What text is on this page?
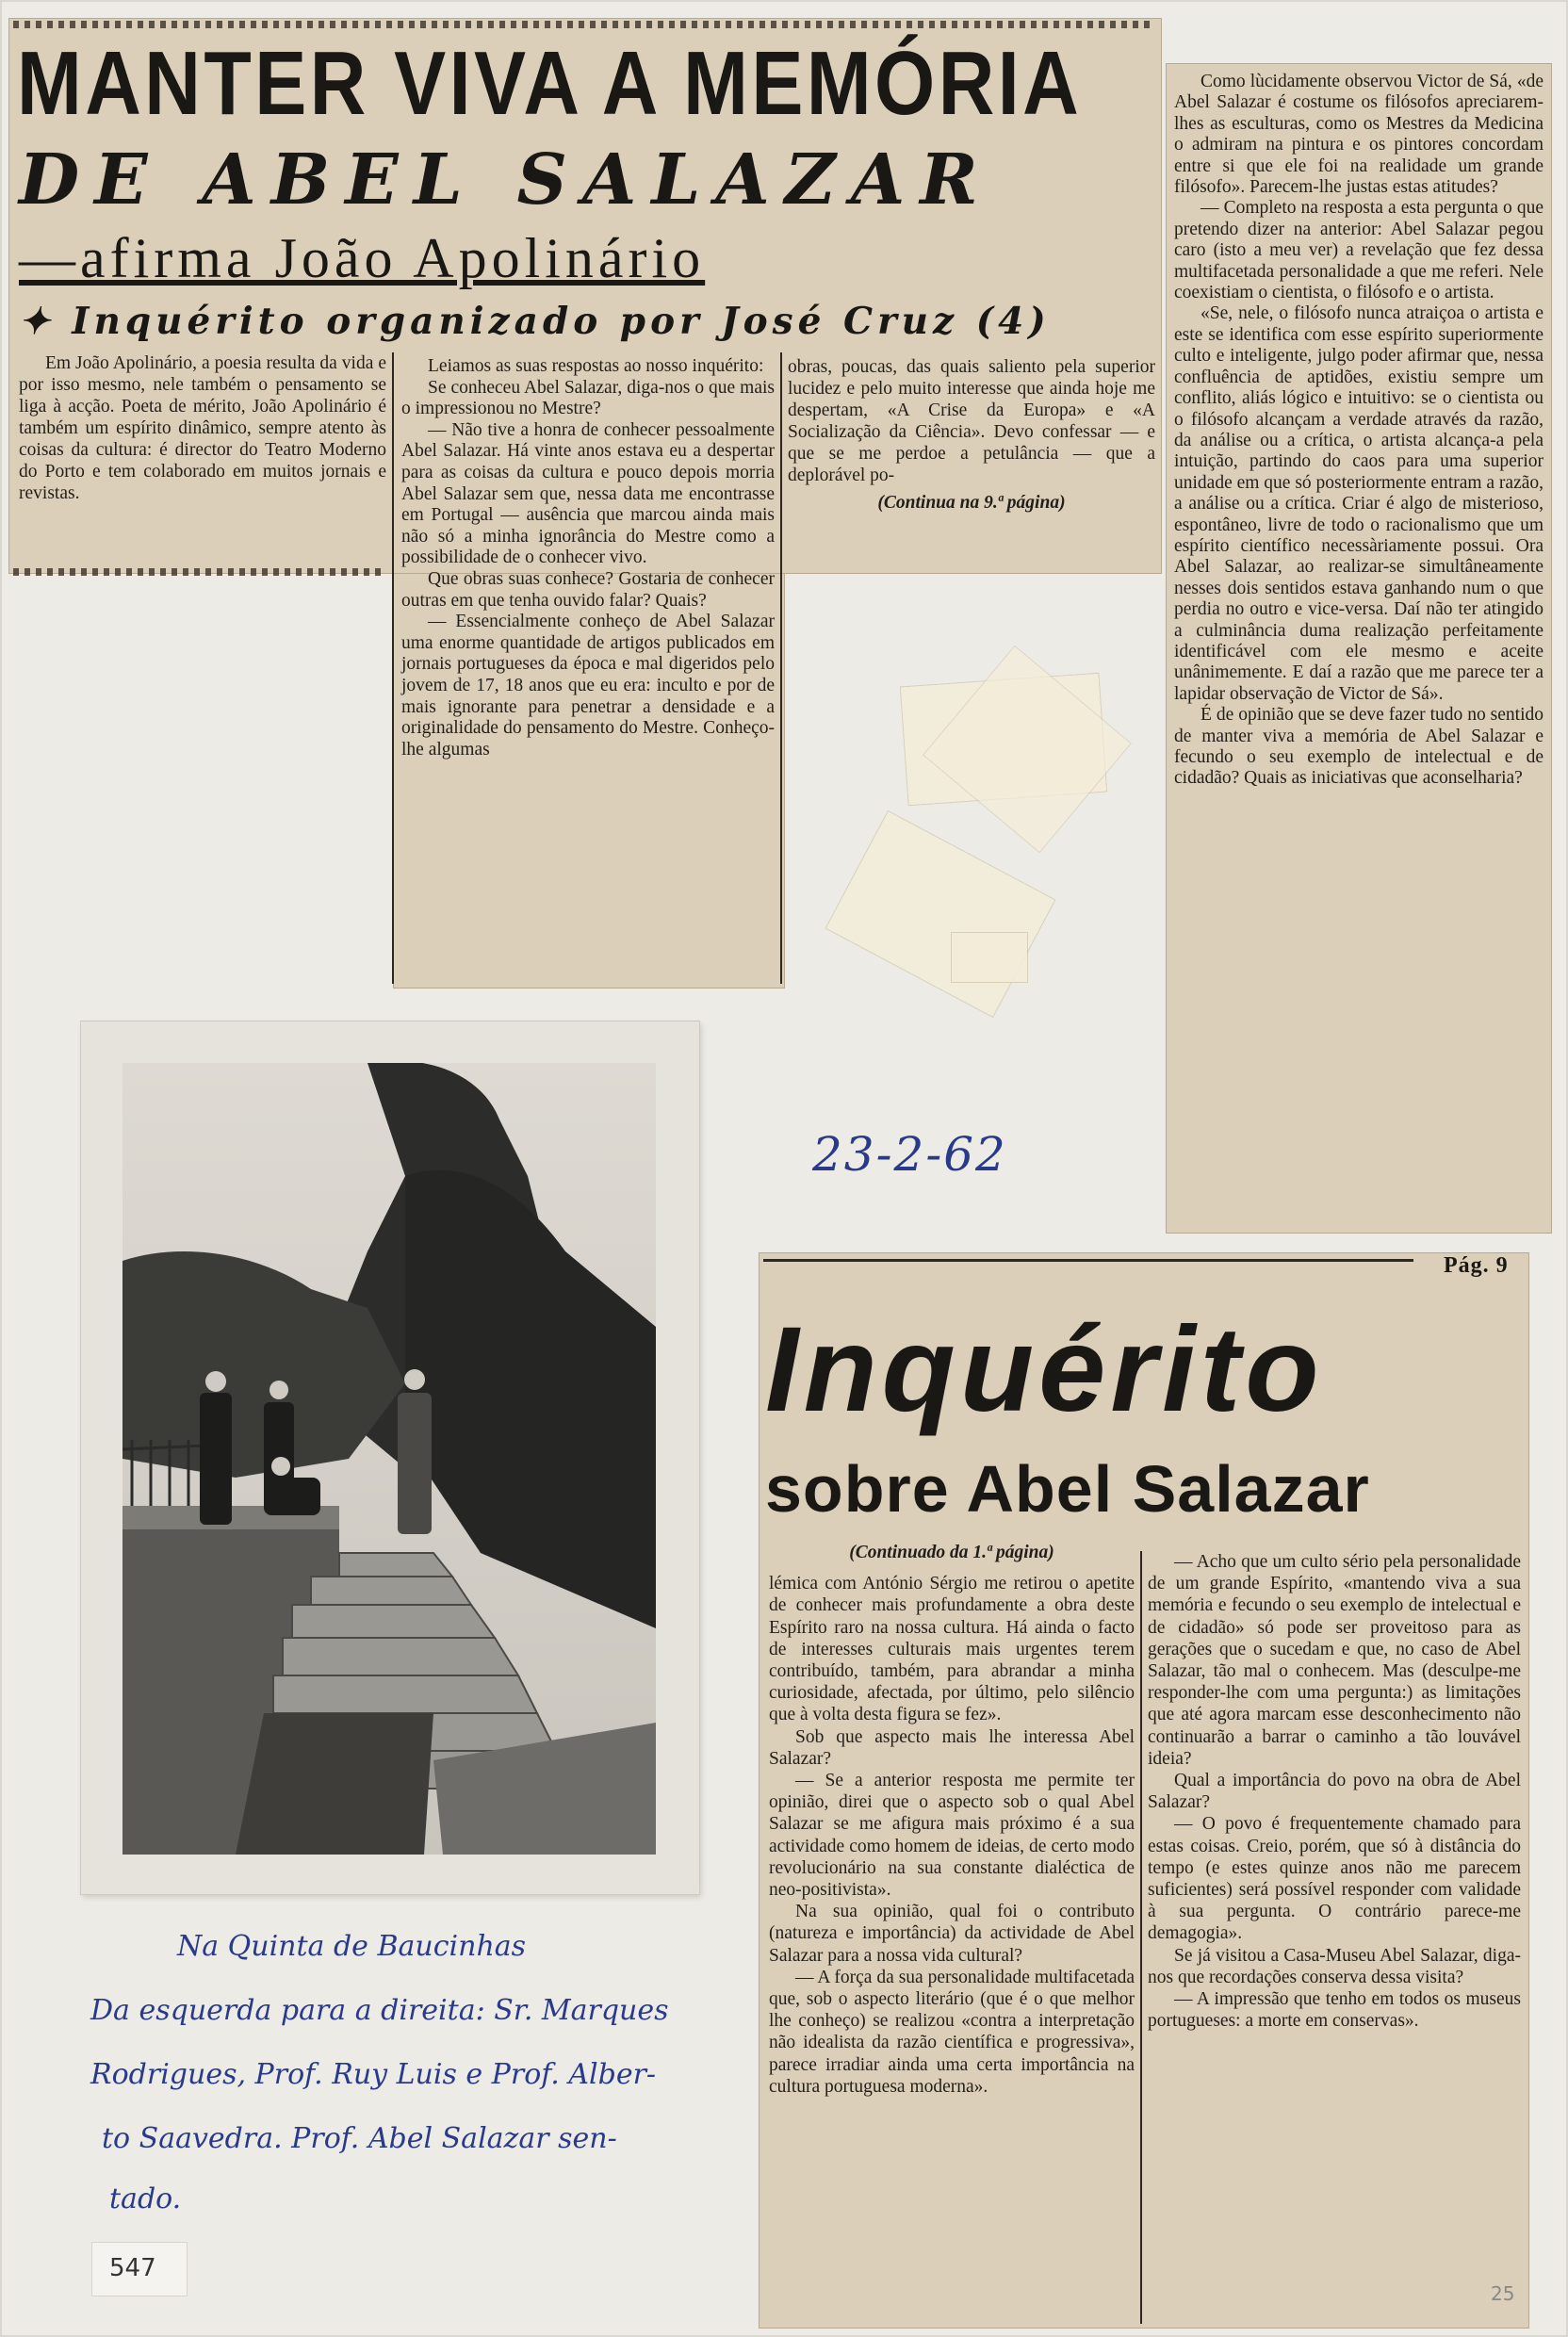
MANTER VIVA A MEMÓRIA
DE ABEL SALAZAR
—afirma João Apolinário
✦ Inquérito organizado por José Cruz (4)

Em João Apolinário, a poesia resulta da vida e por isso mesmo, nele também o pensamento se liga à acção. Poeta de mérito, João Apolinário é também um espírito dinâmico, sempre atento às coisas da cultura: é director do Teatro Moderno do Porto e tem colaborado em muitos jornais e revistas.

Leiamos as suas respostas ao nosso inquérito:

Se conheceu Abel Salazar, diga-nos o que mais o impressionou no Mestre?

— Não tive a honra de conhecer pessoalmente Abel Salazar. Há vinte anos estava eu a despertar para as coisas da cultura e pouco depois morria Abel Salazar sem que, nessa data me encontrasse em Portugal — ausência que marcou ainda mais não só a minha ignorância do Mestre como a possibilidade de o conhecer vivo.

Que obras suas conhece? Gostaria de conhecer outras em que tenha ouvido falar? Quais?

— Essencialmente conheço de Abel Salazar uma enorme quantidade de artigos publicados em jornais portugueses da época e mal digeridos pelo jovem de 17, 18 anos que eu era: inculto e por de mais ignorante para penetrar a densidade e a originalidade do pensamento do Mestre. Conheço-lhe algumas

obras, poucas, das quais saliento pela superior lucidez e pelo muito interesse que ainda hoje me despertam, «A Crise da Europa» e «A Socialização da Ciência». Devo confessar — e que se me perdoe a petulância — que a deplorável po-

(Continua na 9.ª página)

Como lùcidamente observou Victor de Sá, «de Abel Salazar é costume os filósofos apreciarem-lhes as esculturas, como os Mestres da Medicina o admiram na pintura e os pintores concordam entre si que ele foi na realidade um grande filósofo». Parecem-lhe justas estas atitudes?

— Completo na resposta a esta pergunta o que pretendo dizer na anterior: Abel Salazar pegou caro (isto a meu ver) a revelação que fez dessa multifacetada personalidade a que me referi. Nele coexistiam o cientista, o filósofo e o artista.

«Se, nele, o filósofo nunca atraiçoa o artista e este se identifica com esse espírito superiormente culto e inteligente, julgo poder afirmar que, nessa confluência de aptidões, existiu sempre um conflito, aliás lógico e intuitivo: se o cientista ou o filósofo alcançam a verdade através da razão, da análise ou a crítica, o artista alcança-a pela intuição, partindo do caos para uma superior unidade em que só posteriormente entram a razão, a análise ou a crítica. Criar é algo de misterioso, espontâneo, livre de todo o racionalismo que um espírito científico necessàriamente possui. Ora Abel Salazar, ao realizar-se simultâneamente nesses dois sentidos estava ganhando num o que perdia no outro e vice-versa. Daí não ter atingido a culminância duma realização perfeitamente identificável com ele mesmo e aceite unânimemente. E daí a razão que me parece ter a lapidar observação de Victor de Sá».

É de opinião que se deve fazer tudo no sentido de manter viva a memória de Abel Salazar e fecundo o seu exemplo de intelectual e de cidadão? Quais as iniciativas que aconselharia?

23-2-62
Pág. 9
Inquérito
sobre Abel Salazar

(Continuado da 1.ª página)

lémica com António Sérgio me retirou o apetite de conhecer mais profundamente a obra deste Espírito raro na nossa cultura. Há ainda o facto de interesses culturais mais urgentes terem contribuído, também, para abrandar a minha curiosidade, afectada, por último, pelo silêncio que à volta desta figura se fez».

Sob que aspecto mais lhe interessa Abel Salazar?

— Se a anterior resposta me permite ter opinião, direi que o aspecto sob o qual Abel Salazar se me afigura mais próximo é a sua actividade como homem de ideias, de certo modo revolucionário na sua constante dialéctica de neo-positivista».

Na sua opinião, qual foi o contributo (natureza e importância) da actividade de Abel Salazar para a nossa vida cultural?

— A força da sua personalidade multifacetada que, sob o aspecto literário (que é o que melhor lhe conheço) se realizou «contra a interpretação não idealista da razão científica e progressiva», parece irradiar ainda uma certa importância na cultura portuguesa moderna».

— Acho que um culto sério pela personalidade de um grande Espírito, «mantendo viva a sua memória e fecundo o seu exemplo de intelectual e de cidadão» só pode ser proveitoso para as gerações que o sucedam e que, no caso de Abel Salazar, tão mal o conhecem. Mas (desculpe-me responder-lhe com uma pergunta:) as limitações que até agora marcam esse desconhecimento não continuarão a barrar o caminho a tão louvável ideia?

Qual a importância do povo na obra de Abel Salazar?

— O povo é frequentemente chamado para estas coisas. Creio, porém, que só à distância do tempo (e estes quinze anos não me parecem suficientes) será possível responder com validade à sua pergunta. O contrário parece-me demagogia».

Se já visitou a Casa-Museu Abel Salazar, diga-nos que recordações conserva dessa visita?

— A impressão que tenho em todos os museus portugueses: a morte em conservas».

Na Quinta de Baucinhas
Da esquerda para a direita: Sr. Marques
Rodrigues, Prof. Ruy Luis e Prof. Alber-
to Saavedra. Prof. Abel Salazar sen-
tado.
547
25
